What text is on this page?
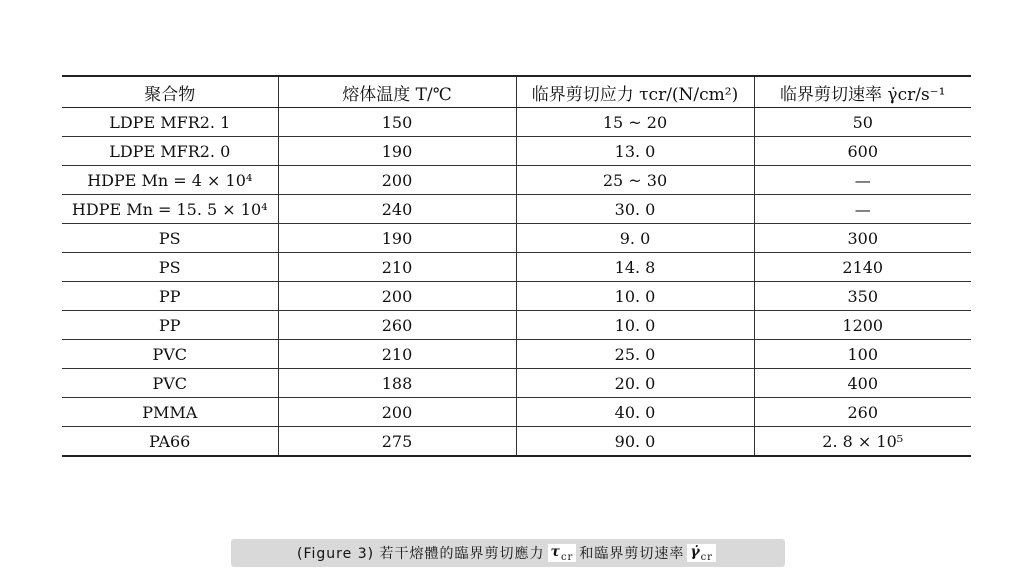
聚合物	熔体温度 T/℃	临界剪切应力 τcr/(N/cm²)	临界剪切速率 γ̇cr/s⁻¹
LDPE MFR2. 1	150	15 ~ 20	50
LDPE MFR2. 0	190	13. 0	600
HDPE Mn = 4 × 10⁴	200	25 ~ 30	—
HDPE Mn = 15. 5 × 10⁴	240	30. 0	—
PS	190	9. 0	300
PS	210	14. 8	2140
PP	200	10. 0	350
PP	260	10. 0	1200
PVC	210	25. 0	100
PVC	188	20. 0	400
PMMA	200	40. 0	260
PA66	275	90. 0	2. 8 × 10⁵
(Figure 3) 若干熔體的臨界剪切應力 $\tau_{cr}$ 和臨界剪切速率 $\gammȧ_{cr}$
